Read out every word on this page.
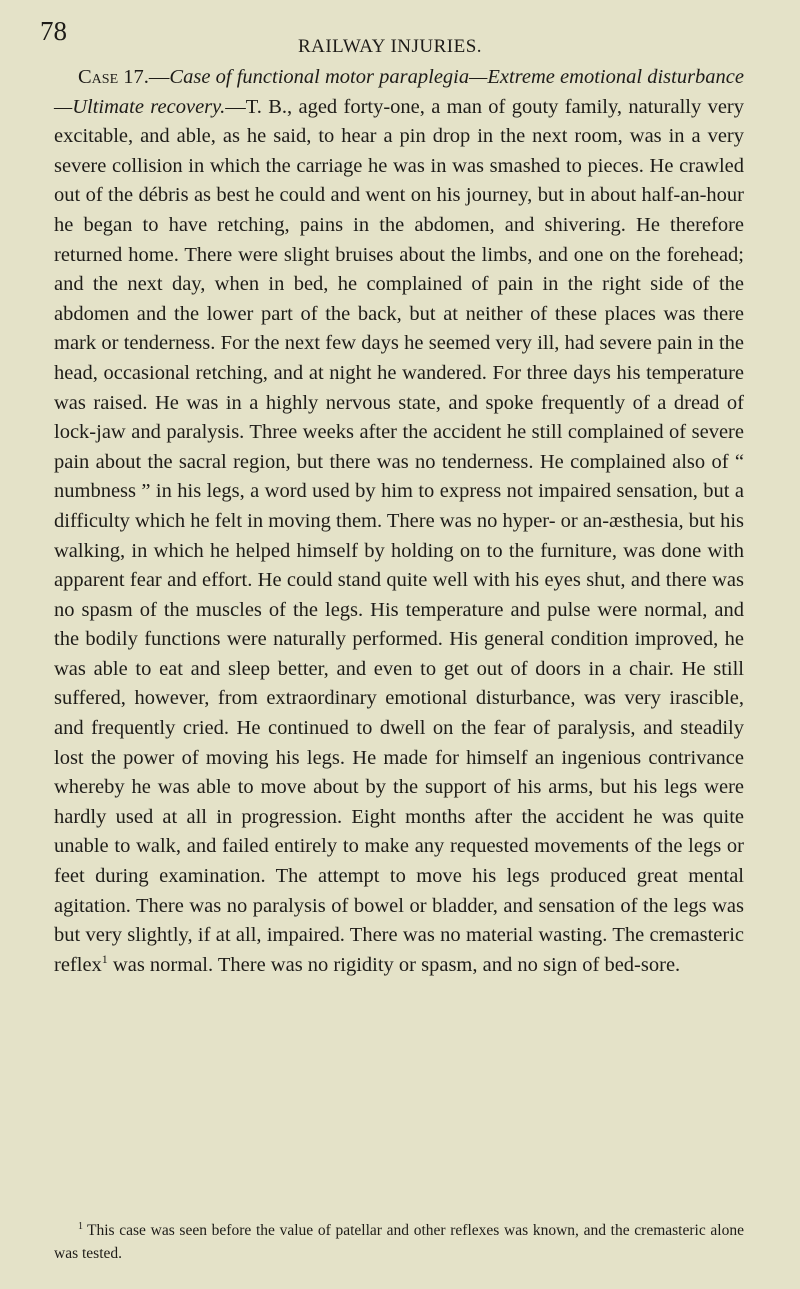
78
RAILWAY INJURIES.

Case 17.—Case of functional motor paraplegia—Extreme emotional disturbance—Ultimate recovery.—T. B., aged forty-one, a man of gouty family, naturally very excitable, and able, as he said, to hear a pin drop in the next room, was in a very severe collision in which the carriage he was in was smashed to pieces. He crawled out of the débris as best he could and went on his journey, but in about half-an-hour he began to have retching, pains in the abdomen, and shivering. He therefore returned home. There were slight bruises about the limbs, and one on the forehead; and the next day, when in bed, he complained of pain in the right side of the abdomen and the lower part of the back, but at neither of these places was there mark or tenderness. For the next few days he seemed very ill, had severe pain in the head, occasional retching, and at night he wandered. For three days his temperature was raised. He was in a highly nervous state, and spoke frequently of a dread of lock-jaw and paralysis. Three weeks after the accident he still complained of severe pain about the sacral region, but there was no tenderness. He complained also of “ numbness ” in his legs, a word used by him to express not impaired sensation, but a difficulty which he felt in moving them. There was no hyper- or an-æsthesia, but his walking, in which he helped himself by holding on to the furniture, was done with apparent fear and effort. He could stand quite well with his eyes shut, and there was no spasm of the muscles of the legs. His temperature and pulse were normal, and the bodily functions were naturally performed. His general condition improved, he was able to eat and sleep better, and even to get out of doors in a chair. He still suffered, however, from extraordinary emotional disturbance, was very irascible, and frequently cried. He continued to dwell on the fear of paralysis, and steadily lost the power of moving his legs. He made for himself an ingenious contrivance whereby he was able to move about by the support of his arms, but his legs were hardly used at all in progression. Eight months after the accident he was quite unable to walk, and failed entirely to make any requested movements of the legs or feet during examination. The attempt to move his legs produced great mental agitation. There was no paralysis of bowel or bladder, and sensation of the legs was but very slightly, if at all, impaired. There was no material wasting. The cremasteric reflex$^1$ was normal. There was no rigidity or spasm, and no sign of bed-sore.

$^1$ This case was seen before the value of patellar and other reflexes was known, and the cremasteric alone was tested.
